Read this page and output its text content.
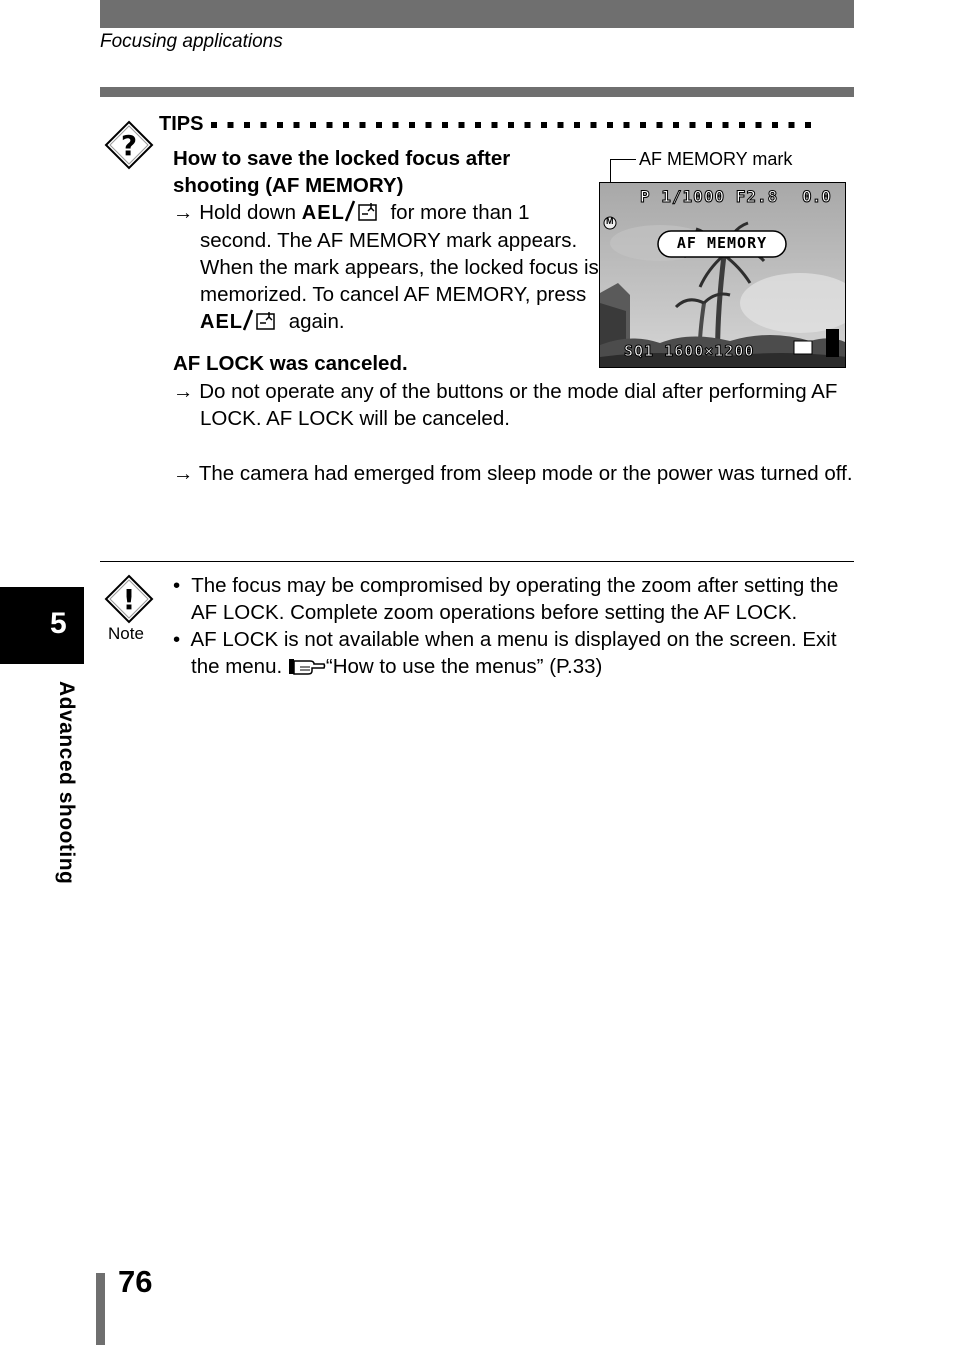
Focusing applications
?
TIPS
How to save the locked focus after
shooting (AF MEMORY)
→ Hold down AEL for more than 1 second. The AF MEMORY mark appears. When the mark appears, the locked focus is memorized. To cancel AF MEMORY, press AEL again.
AF MEMORY mark
P 1/1000 F2.8 0.0
M
AF MEMORY
SQ1 1600×1200
AF LOCK was canceled.
→ Do not operate any of the buttons or the mode dial after performing AF LOCK. AF LOCK will be canceled.
→ The camera had emerged from sleep mode or the power was turned off.
!
Note
• The focus may be compromised by operating the zoom after setting the AF LOCK. Complete zoom operations before setting the AF LOCK.
• AF LOCK is not available when a menu is displayed on the screen. Exit the menu. “How to use the menus” (P.33)
5
Advanced shooting
76
